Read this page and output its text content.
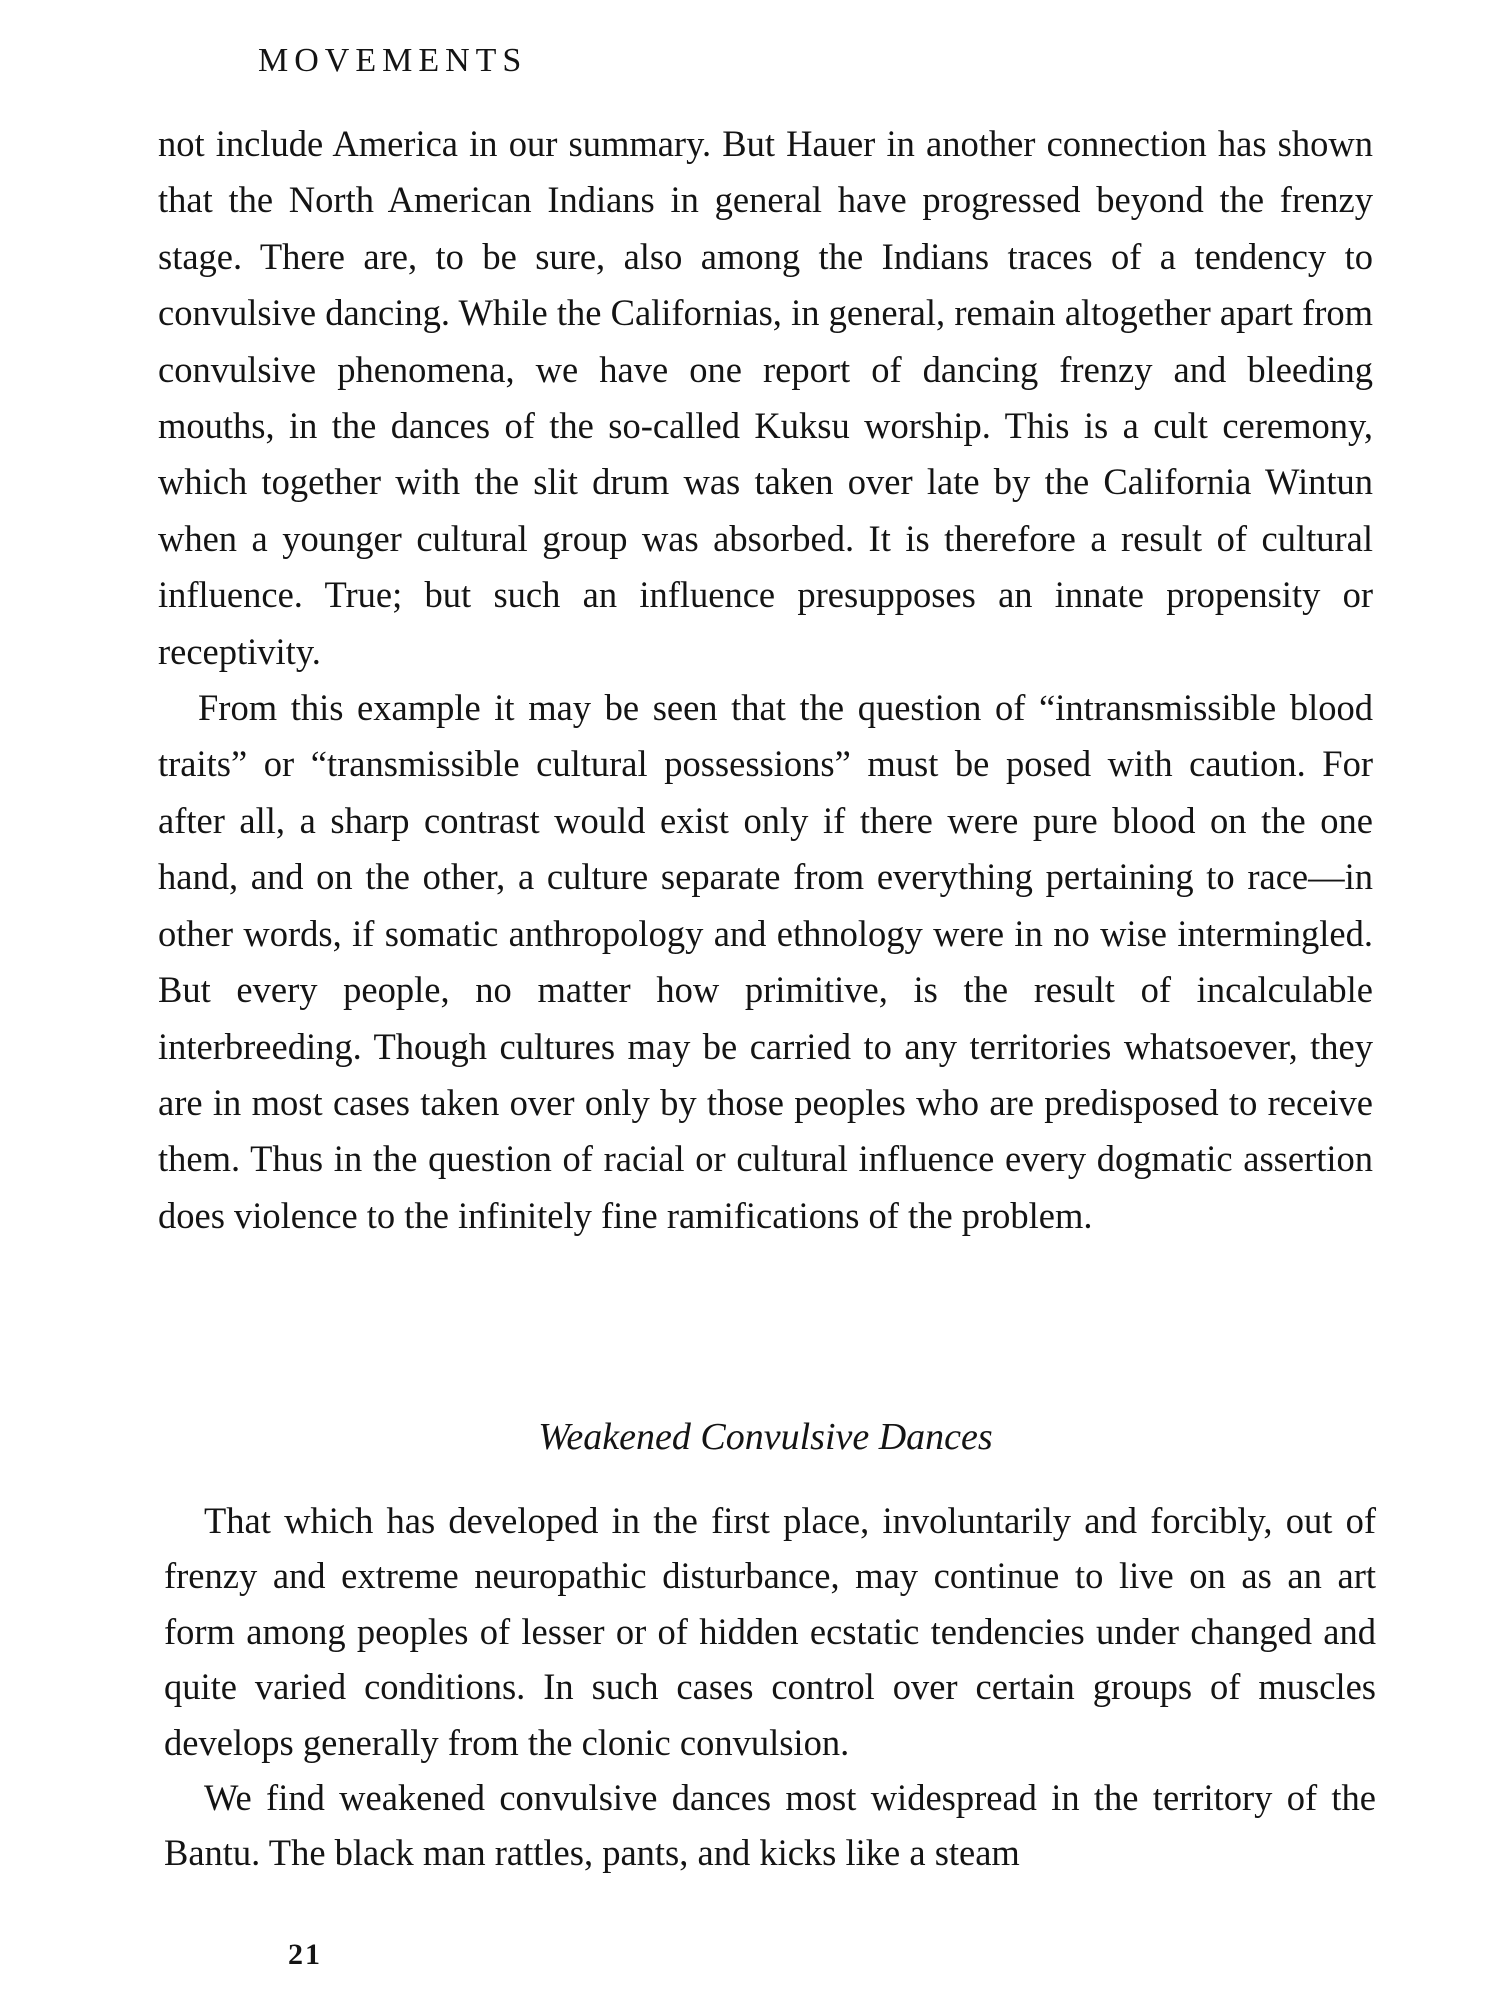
MOVEMENTS

not include America in our summary. But Hauer in another connection has shown that the North American Indians in general have progressed beyond the frenzy stage. There are, to be sure, also among the Indians traces of a tendency to convulsive dancing. While the Californias, in general, remain altogether apart from convulsive phenomena, we have one report of dancing frenzy and bleeding mouths, in the dances of the so-called Kuksu worship. This is a cult ceremony, which together with the slit drum was taken over late by the California Wintun when a younger cultural group was absorbed. It is therefore a result of cultural influence. True; but such an influence presupposes an innate propensity or receptivity.

From this example it may be seen that the question of “intransmissible blood traits” or “transmissible cultural possessions” must be posed with caution. For after all, a sharp contrast would exist only if there were pure blood on the one hand, and on the other, a culture separate from everything pertaining to race—in other words, if somatic anthropology and ethnology were in no wise intermingled. But every people, no matter how primitive, is the result of incalculable interbreeding. Though cultures may be carried to any territories whatsoever, they are in most cases taken over only by those peoples who are predisposed to receive them. Thus in the question of racial or cultural influence every dogmatic assertion does violence to the infinitely fine ramifications of the problem.

Weakened Convulsive Dances

That which has developed in the first place, involuntarily and forcibly, out of frenzy and extreme neuropathic disturbance, may continue to live on as an art form among peoples of lesser or of hidden ecstatic tendencies under changed and quite varied conditions. In such cases control over certain groups of muscles develops generally from the clonic convulsion.

We find weakened convulsive dances most widespread in the territory of the Bantu. The black man rattles, pants, and kicks like a steam

21
